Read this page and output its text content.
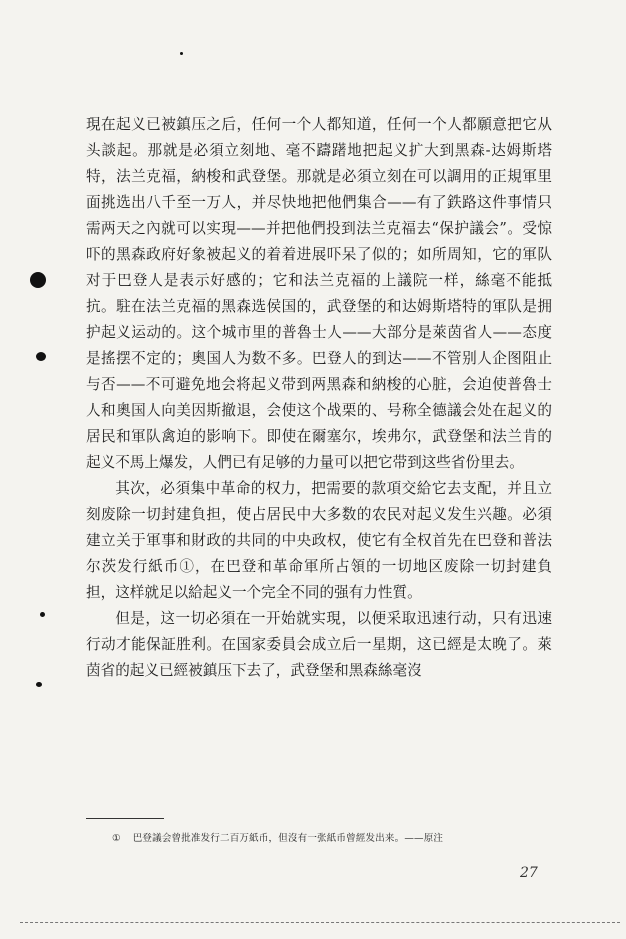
現在起义已被鎮压之后，任何一个人都知道，任何一个人都願意把它从头談起。那就是必須立刻地、毫不躊躇地把起义扩大到黑森-达姆斯塔特，法兰克福，納梭和武登堡。那就是必須立刻在可以調用的正規軍里面挑选出八千至一万人，并尽快地把他們集合——有了鉄路这件事情只需两天之內就可以实現——并把他們投到法兰克福去“保护議会”。受惊吓的黑森政府好象被起义的着着进展吓呆了似的；如所周知，它的軍队对于巴登人是表示好感的；它和法兰克福的上議院一样，絲毫不能抵抗。駐在法兰克福的黑森选侯国的，武登堡的和达姆斯塔特的軍队是拥护起义运动的。这个城市里的普魯士人——大部分是萊茵省人——态度是搖摆不定的；奧国人为数不多。巴登人的到达——不管别人企图阻止与否——不可避免地会将起义带到两黑森和納梭的心脏，会迫使普魯士人和奧国人向美因斯撤退，会使这个战栗的、号称全德議会处在起义的居民和軍队禽迫的影响下。即使在爾塞尔，埃弗尔，武登堡和法兰肯的起义不馬上爆发，人們已有足够的力量可以把它带到这些省份里去。

其次，必須集中革命的权力，把需要的款項交給它去支配，并且立刻废除一切封建負担，使占居民中大多数的农民对起义发生兴趣。必須建立关于軍事和財政的共同的中央政权，使它有全权首先在巴登和普法尔茨发行紙币①，在巴登和革命軍所占領的一切地区废除一切封建負担，这样就足以給起义一个完全不同的强有力性質。

但是，这一切必須在一开始就实現，以便采取迅速行动，只有迅速行动才能保証胜利。在国家委員会成立后一星期，这已經是太晚了。萊茵省的起义已經被鎮压下去了，武登堡和黑森絲毫沒

① 巴登議会曾批准发行二百万紙币，但沒有一张紙币曾經发出来。——原注
27
